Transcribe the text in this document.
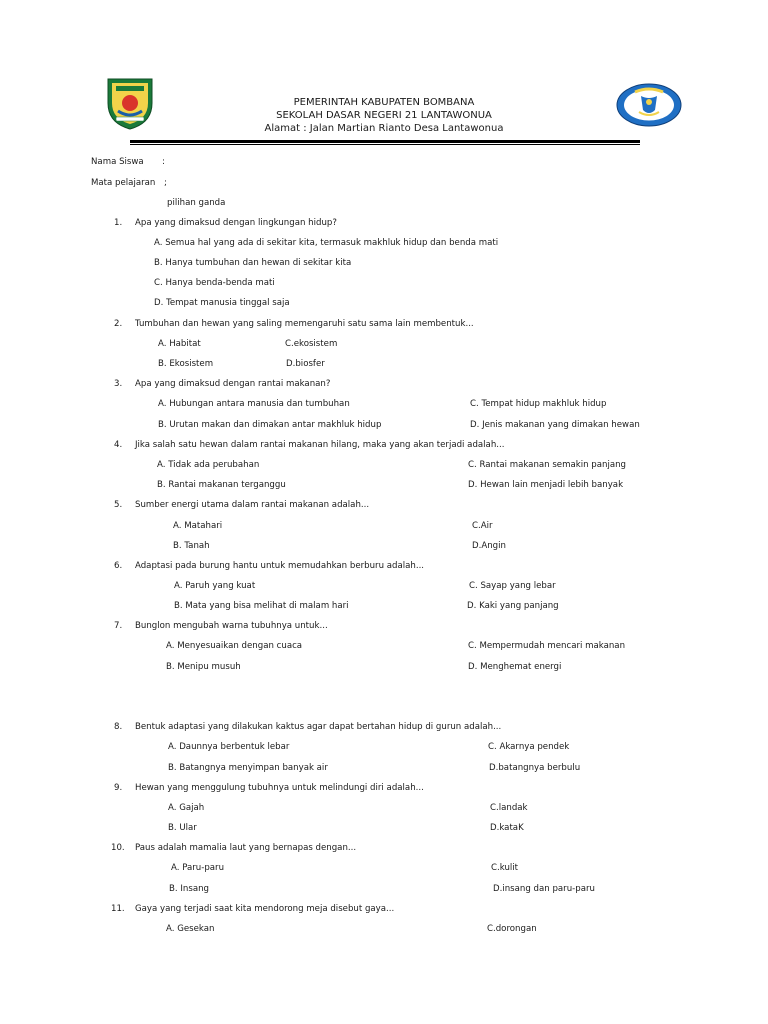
PEMERINTAH KABUPATEN BOMBANA
SEKOLAH DASAR NEGERI 21 LANTAWONUA
Alamat : Jalan Martian Rianto Desa Lantawonua
Nama Siswa :
Mata pelajaran ;
pilihan ganda
1. Apa yang dimaksud dengan lingkungan hidup?
A. Semua hal yang ada di sekitar kita, termasuk makhluk hidup dan benda mati
B. Hanya tumbuhan dan hewan di sekitar kita
C. Hanya benda-benda mati
D. Tempat manusia tinggal saja
2. Tumbuhan dan hewan yang saling memengaruhi satu sama lain membentuk...
A. Habitat	C.ekosistem
B. Ekosistem	D.biosfer
3. Apa yang dimaksud dengan rantai makanan?
A. Hubungan antara manusia dan tumbuhan	C. Tempat hidup makhluk hidup
B. Urutan makan dan dimakan antar makhluk hidup	D. Jenis makanan yang dimakan hewan
4. Jika salah satu hewan dalam rantai makanan hilang, maka yang akan terjadi adalah...
A. Tidak ada perubahan	C. Rantai makanan semakin panjang
B. Rantai makanan terganggu	D. Hewan lain menjadi lebih banyak
5. Sumber energi utama dalam rantai makanan adalah...
A. Matahari	C.Air
B. Tanah	D.Angin
6. Adaptasi pada burung hantu untuk memudahkan berburu adalah...
A. Paruh yang kuat	C. Sayap yang lebar
B. Mata yang bisa melihat di malam hari	D. Kaki yang panjang
7. Bunglon mengubah warna tubuhnya untuk...
A. Menyesuaikan dengan cuaca	C. Mempermudah mencari makanan
B. Menipu musuh	D. Menghemat energi
8. Bentuk adaptasi yang dilakukan kaktus agar dapat bertahan hidup di gurun adalah...
A. Daunnya berbentuk lebar	C. Akarnya pendek
B. Batangnya menyimpan banyak air	D.batangnya berbulu
9. Hewan yang menggulung tubuhnya untuk melindungi diri adalah...
A. Gajah	C.landak
B. Ular	D.kataK
10. Paus adalah mamalia laut yang bernapas dengan...
A. Paru-paru	C.kulit
B. Insang	D.insang dan paru-paru
11. Gaya yang terjadi saat kita mendorong meja disebut gaya...
A. Gesekan	C.dorongan
